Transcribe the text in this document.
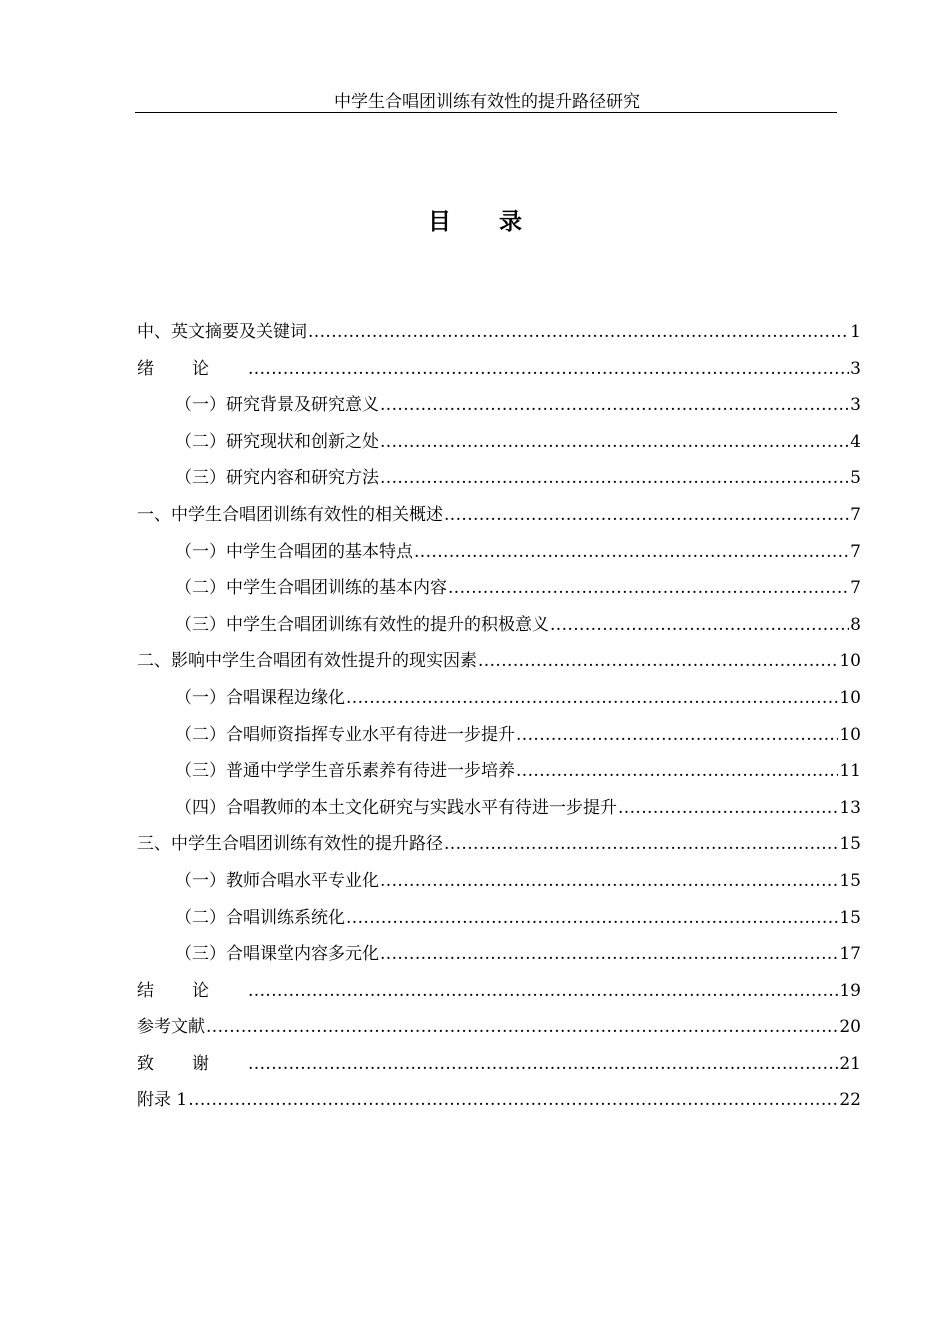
中学生合唱团训练有效性的提升路径研究
目录
中、英文摘要及关键词 .....	1
绪论 .....	3
（一）研究背景及研究意义 .....	3
（二）研究现状和创新之处 .....	4
（三）研究内容和研究方法 .....	5
一、中学生合唱团训练有效性的相关概述 .....	7
（一）中学生合唱团的基本特点 .....	7
（二）中学生合唱团训练的基本内容 .....	7
（三）中学生合唱团训练有效性的提升的积极意义 .....	8
二、影响中学生合唱团有效性提升的现实因素 .....	10
（一）合唱课程边缘化 .....	10
（二）合唱师资指挥专业水平有待进一步提升 .....	10
（三）普通中学学生音乐素养有待进一步培养 .....	11
（四）合唱教师的本土文化研究与实践水平有待进一步提升 .....	13
三、中学生合唱团训练有效性的提升路径 .....	15
（一）教师合唱水平专业化 .....	15
（二）合唱训练系统化 .....	15
（三）合唱课堂内容多元化 .....	17
结论 .....	19
参考文献 .....	20
致谢 .....	21
附录 1 .....	22
